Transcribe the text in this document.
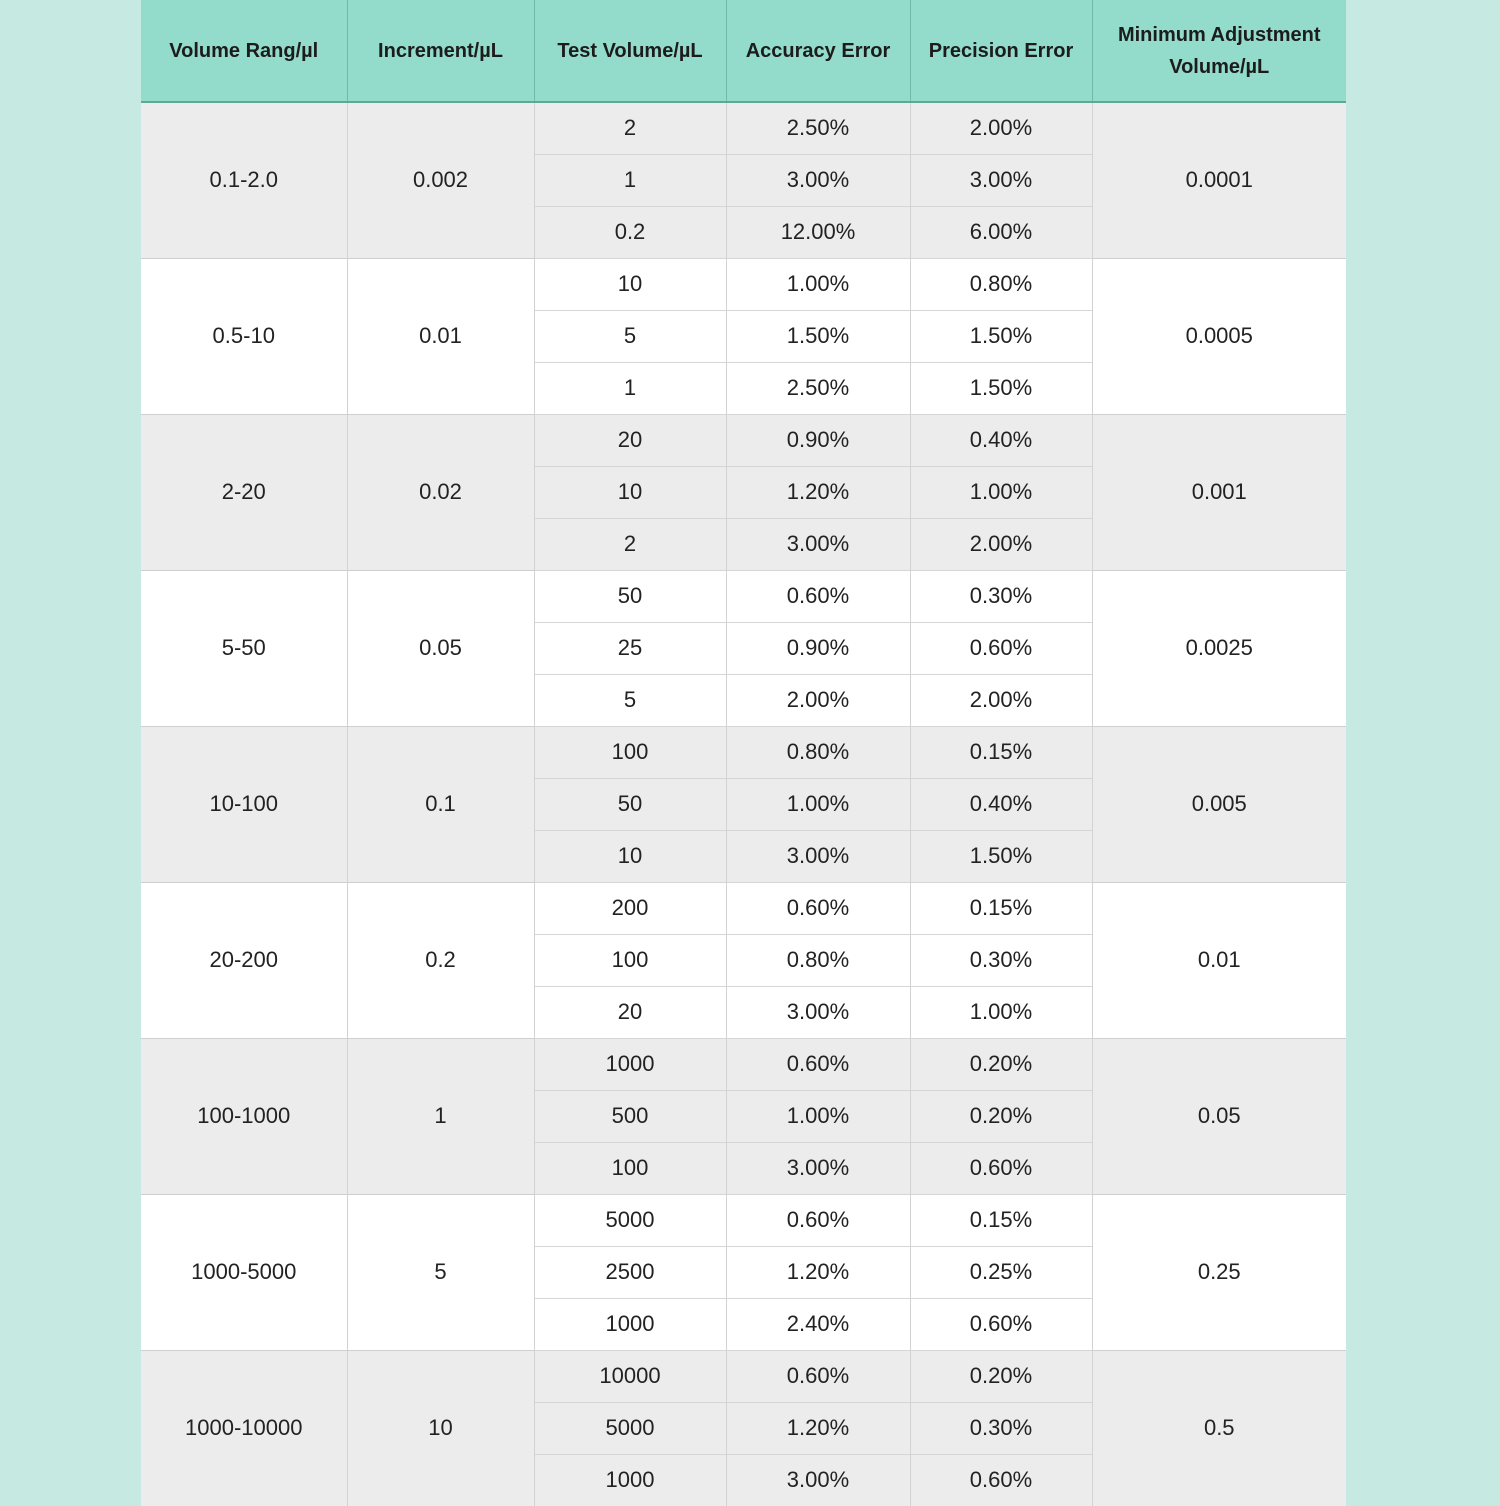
Volume Rang/µl	Increment/µL	Test Volume/µL	Accuracy Error	Precision Error	Minimum Adjustment Volume/µL
0.1-2.0	0.002	2	2.50%	2.00%	0.0001
		1	3.00%	3.00%	
		0.2	12.00%	6.00%	
0.5-10	0.01	10	1.00%	0.80%	0.0005
		5	1.50%	1.50%	
		1	2.50%	1.50%	
2-20	0.02	20	0.90%	0.40%	0.001
		10	1.20%	1.00%	
		2	3.00%	2.00%	
5-50	0.05	50	0.60%	0.30%	0.0025
		25	0.90%	0.60%	
		5	2.00%	2.00%	
10-100	0.1	100	0.80%	0.15%	0.005
		50	1.00%	0.40%	
		10	3.00%	1.50%	
20-200	0.2	200	0.60%	0.15%	0.01
		100	0.80%	0.30%	
		20	3.00%	1.00%	
100-1000	1	1000	0.60%	0.20%	0.05
		500	1.00%	0.20%	
		100	3.00%	0.60%	
1000-5000	5	5000	0.60%	0.15%	0.25
		2500	1.20%	0.25%	
		1000	2.40%	0.60%	
1000-10000	10	10000	0.60%	0.20%	0.5
		5000	1.20%	0.30%	
		1000	3.00%	0.60%	
